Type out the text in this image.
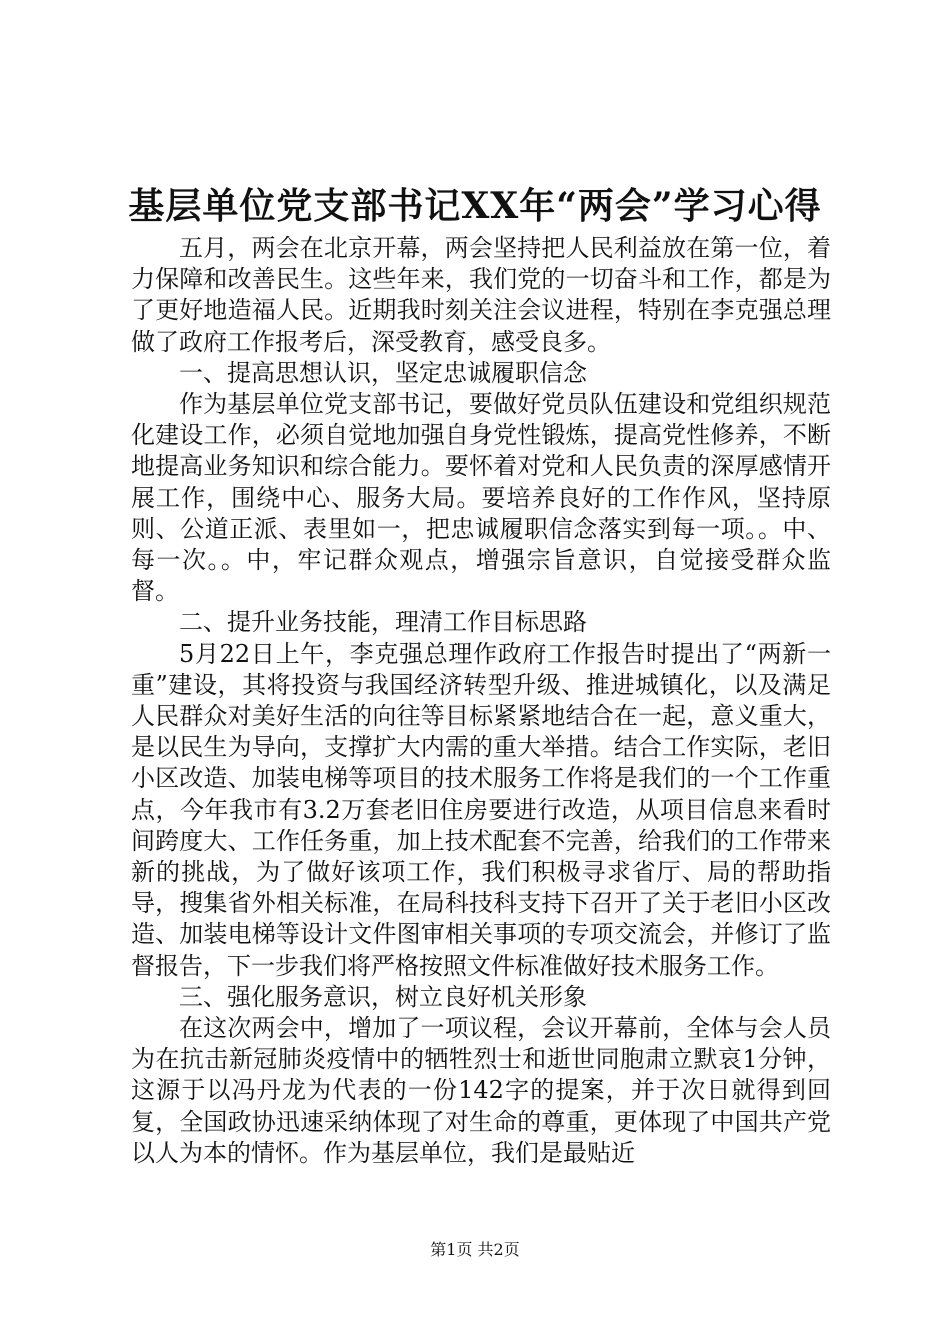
基层单位党支部书记XX年“两会”学习心得

五月，两会在北京开幕，两会坚持把人民利益放在第一位，着力保障和改善民生。这些年来，我们党的一切奋斗和工作，都是为了更好地造福人民。近期我时刻关注会议进程，特别在李克强总理做了政府工作报考后，深受教育，感受良多。

一、提高思想认识，坚定忠诚履职信念

作为基层单位党支部书记，要做好党员队伍建设和党组织规范化建设工作，必须自觉地加强自身党性锻炼，提高党性修养，不断地提高业务知识和综合能力。要怀着对党和人民负责的深厚感情开展工作，围绕中心、服务大局。要培养良好的工作作风，坚持原则、公道正派、表里如一，把忠诚履职信念落实到每一项。。中、每一次。。中，牢记群众观点，增强宗旨意识，自觉接受群众监督。

二、提升业务技能，理清工作目标思路

5月22日上午，李克强总理作政府工作报告时提出了“两新一重”建设，其将投资与我国经济转型升级、推进城镇化，以及满足人民群众对美好生活的向往等目标紧紧地结合在一起，意义重大，是以民生为导向，支撑扩大内需的重大举措。结合工作实际，老旧小区改造、加装电梯等项目的技术服务工作将是我们的一个工作重点，今年我市有3.2万套老旧住房要进行改造，从项目信息来看时间跨度大、工作任务重，加上技术配套不完善，给我们的工作带来新的挑战，为了做好该项工作，我们积极寻求省厅、局的帮助指导，搜集省外相关标准，在局科技科支持下召开了关于老旧小区改造、加装电梯等设计文件图审相关事项的专项交流会，并修订了监督报告，下一步我们将严格按照文件标准做好技术服务工作。

三、强化服务意识，树立良好机关形象

在这次两会中，增加了一项议程，会议开幕前，全体与会人员为在抗击新冠肺炎疫情中的牺牲烈士和逝世同胞肃立默哀1分钟，这源于以冯丹龙为代表的一份142字的提案，并于次日就得到回复，全国政协迅速采纳体现了对生命的尊重，更体现了中国共产党以人为本的情怀。作为基层单位，我们是最贴近

第1页 共2页
